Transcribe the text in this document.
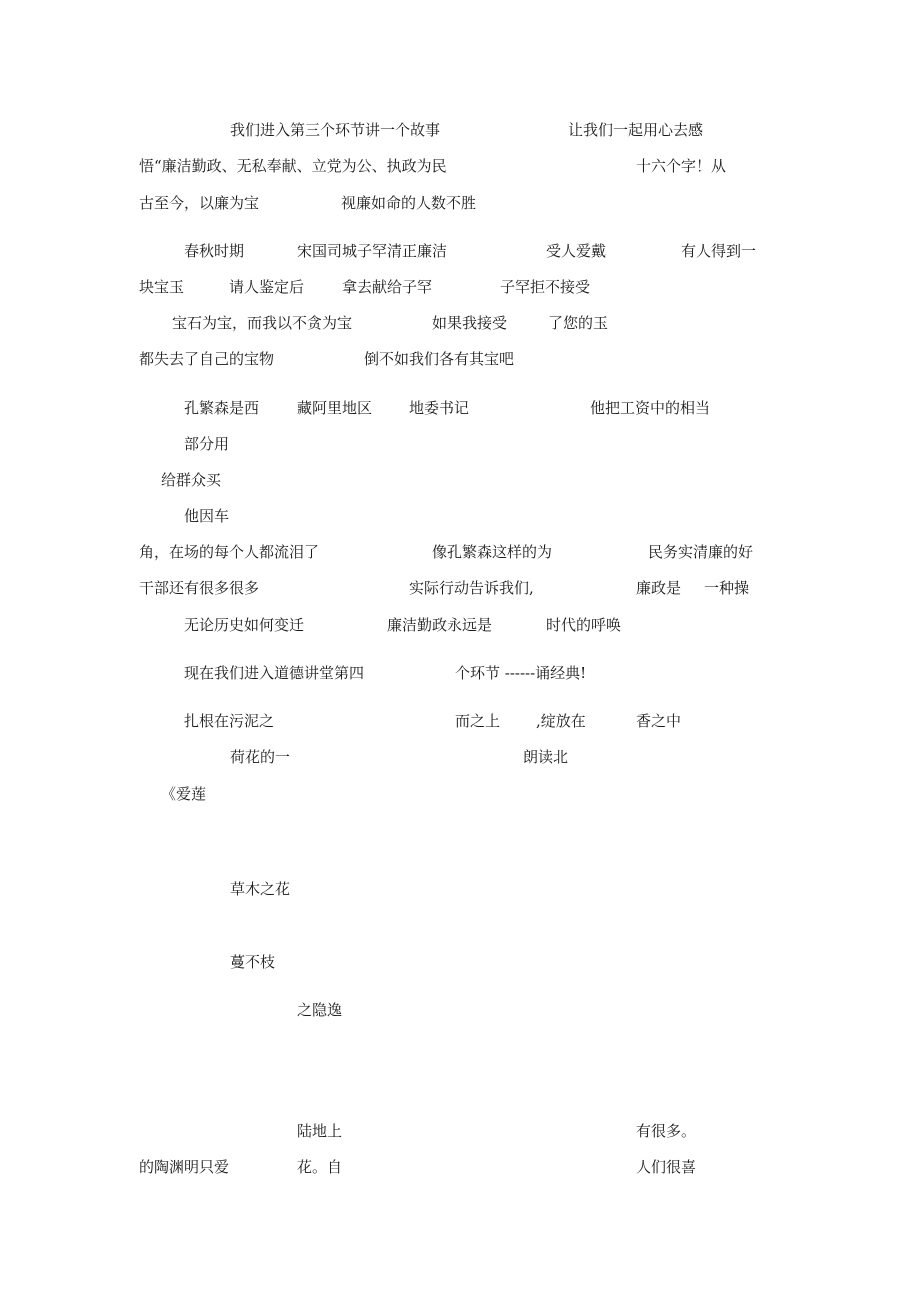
我们进入第三个环节讲一个故事	让我们一起用心去感
悟“廉洁勤政、无私奉献、立党为公、执政为民	十六个字！从
古至今，以廉为宝	视廉如命的人数不胜
春秋时期	宋国司城子罕清正廉洁	受人爱戴	有人得到一
块宝玉	请人鉴定后	拿去献给子罕	子罕拒不接受
宝石为宝，而我以不贪为宝	如果我接受	了您的玉
都失去了自己的宝物	倒不如我们各有其宝吧
孔繁森是西	藏阿里地区 地委书记	他把工资中的相当
部分用
给群众买
他因车
角，在场的每个人都流泪了	像孔繁森这样的为	民务实清廉的好
干部还有很多很多	实际行动告诉我们,	廉政是 一种操
无论历史如何变迁	廉洁勤政永远是	时代的呼唤
现在我们进入道德讲堂第四	个环节 ------诵经典!
扎根在污泥之	而之上 ,绽放在	香之中
荷花的一	朗读北
《爱莲
草木之花
蔓不枝
之隐逸
陆地上	有很多。
的陶渊明只爱	花。自	人们很喜
